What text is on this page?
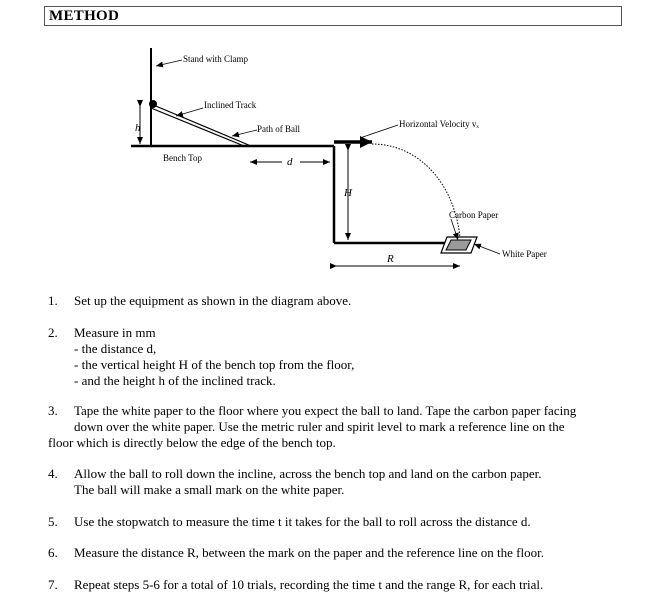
METHOD
h
d
H
R
Stand with Clamp
Inclined Track
Path of Ball	Horizontal Velocity vₓ
Bench Top
Carbon Paper
White Paper
1. Set up the equipment as shown in the diagram above.
2. Measure in mm
- the distance d,
- the vertical height H of the bench top from the floor,
- and the height h of the inclined track.
3. Tape the white paper to the floor where you expect the ball to land. Tape the carbon paper facing
down over the white paper. Use the metric ruler and spirit level to mark a reference line on the
floor which is directly below the edge of the bench top.
4. Allow the ball to roll down the incline, across the bench top and land on the carbon paper.
The ball will make a small mark on the white paper.
5. Use the stopwatch to measure the time t it takes for the ball to roll across the distance d.
6. Measure the distance R, between the mark on the paper and the reference line on the floor.
7. Repeat steps 5-6 for a total of 10 trials, recording the time t and the range R, for each trial.
